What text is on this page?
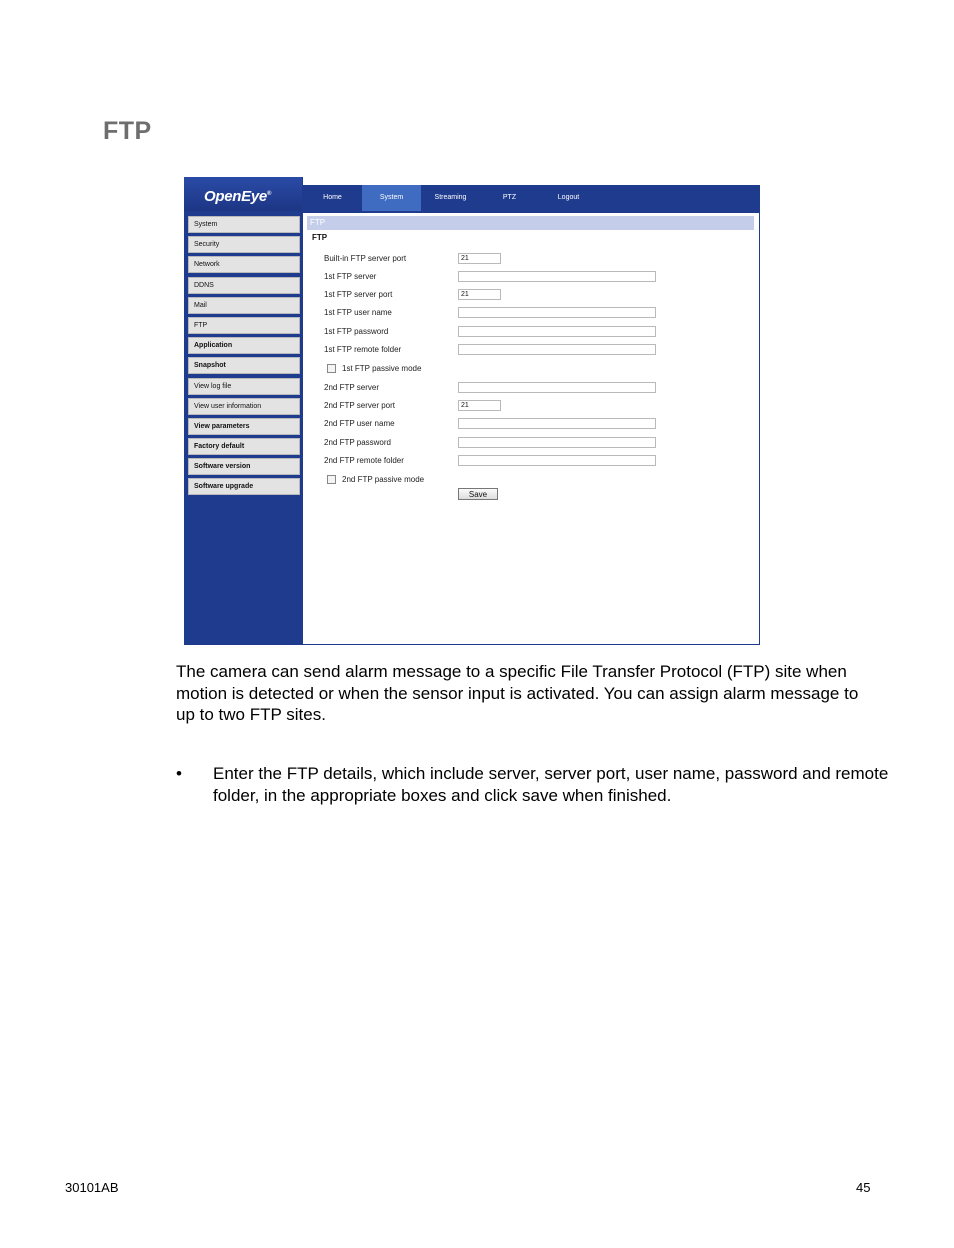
FTP
OpenEye®	Home	System	Streaming	PTZ	Logout
System
Security
Network
DDNS
Mail
FTP
Application
Snapshot
View log file
View user information
View parameters
Factory default
Software version
Software upgrade
FTP
FTP
Built-in FTP server port	21
1st FTP server
1st FTP server port	21
1st FTP user name
1st FTP password
1st FTP remote folder
1st FTP passive mode
2nd FTP server
2nd FTP server port	21
2nd FTP user name
2nd FTP password
2nd FTP remote folder
2nd FTP passive mode
Save
The camera can send alarm message to a specific File Transfer Protocol (FTP) site when motion is detected or when the sensor input is activated. You can assign alarm message to up to two FTP sites.
• Enter the FTP details, which include server, server port, user name, password and remote folder, in the appropriate boxes and click save when finished.
30101AB	45
